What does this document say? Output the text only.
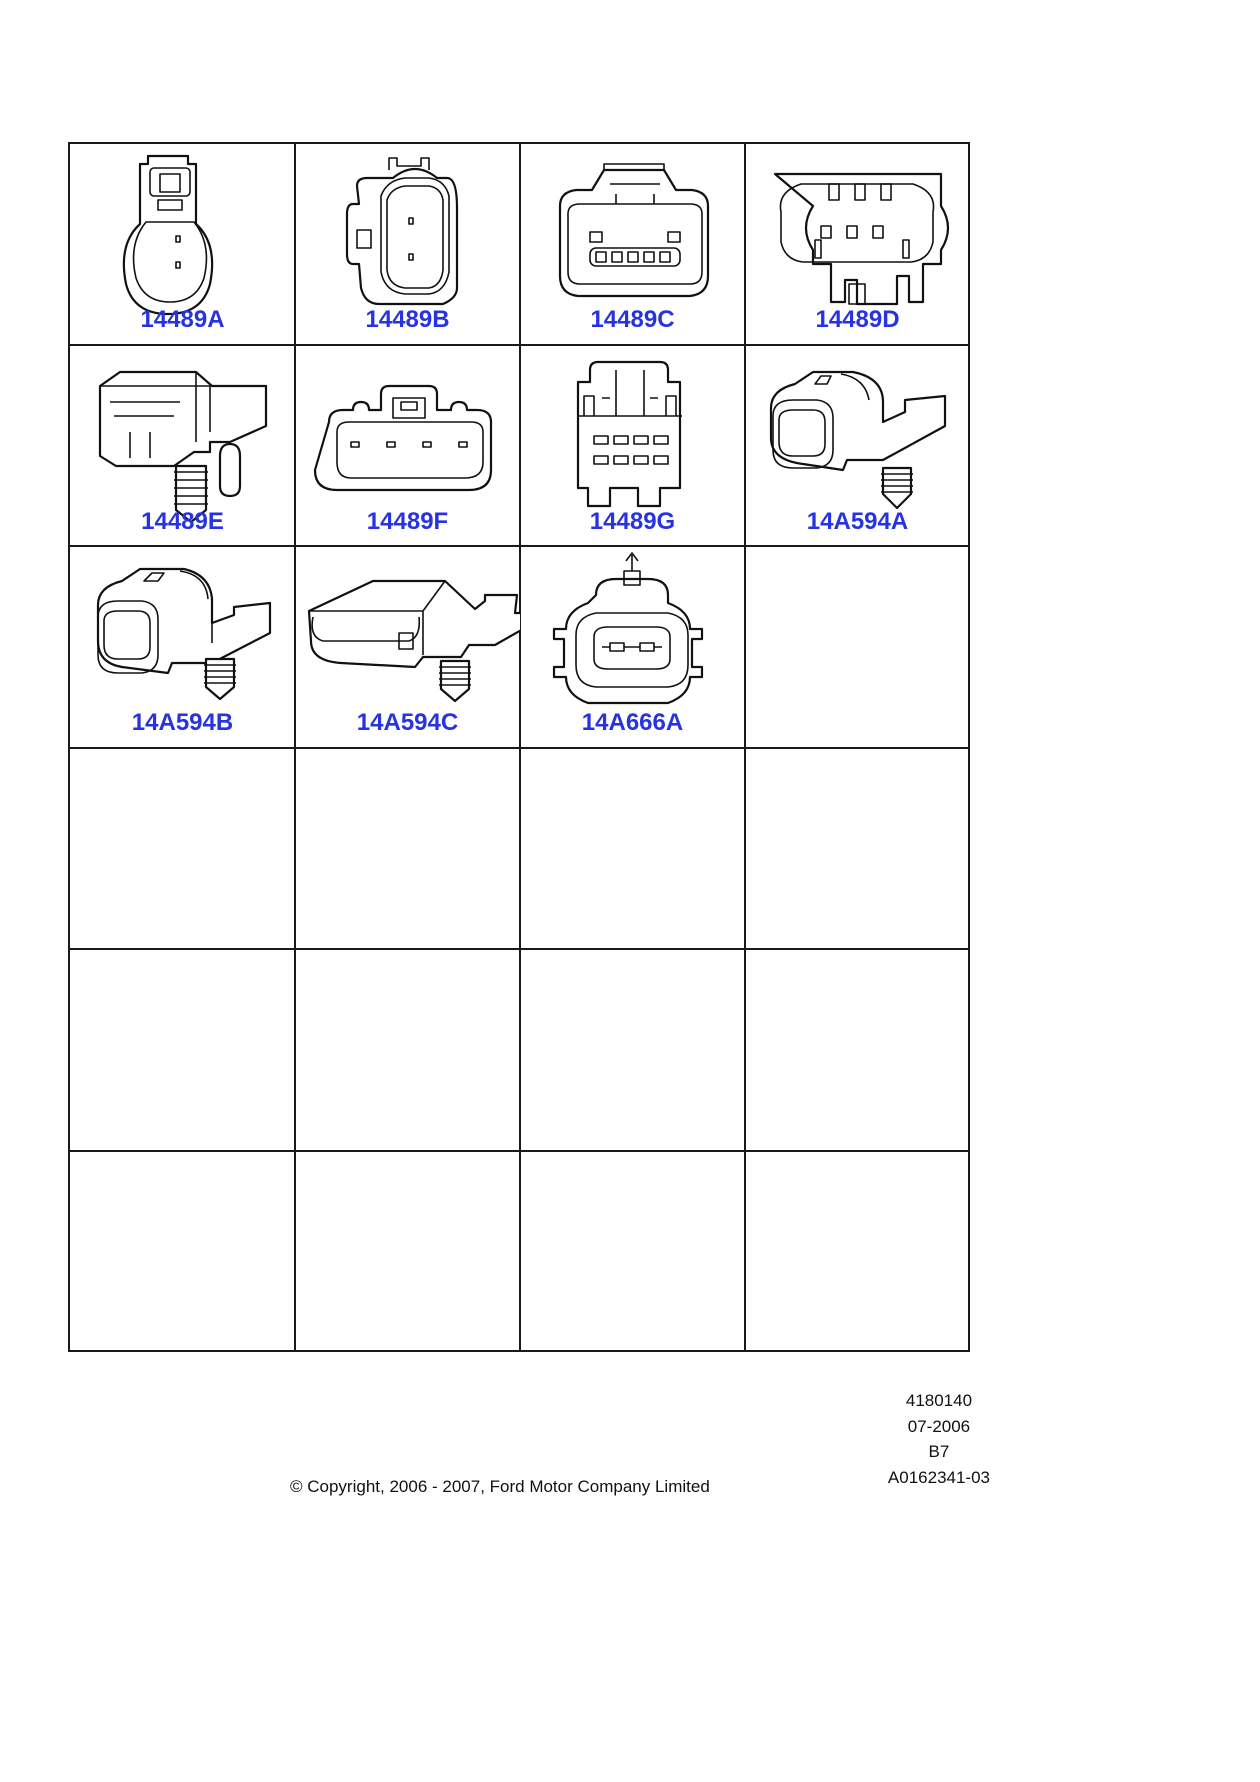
14489A	14489B	14489C	14489D
14489E	14489F	14489G	14A594A
14A594B	14A594C	14A666A
4180140
07-2006
B7
A0162341-03
© Copyright, 2006 - 2007, Ford Motor Company Limited
